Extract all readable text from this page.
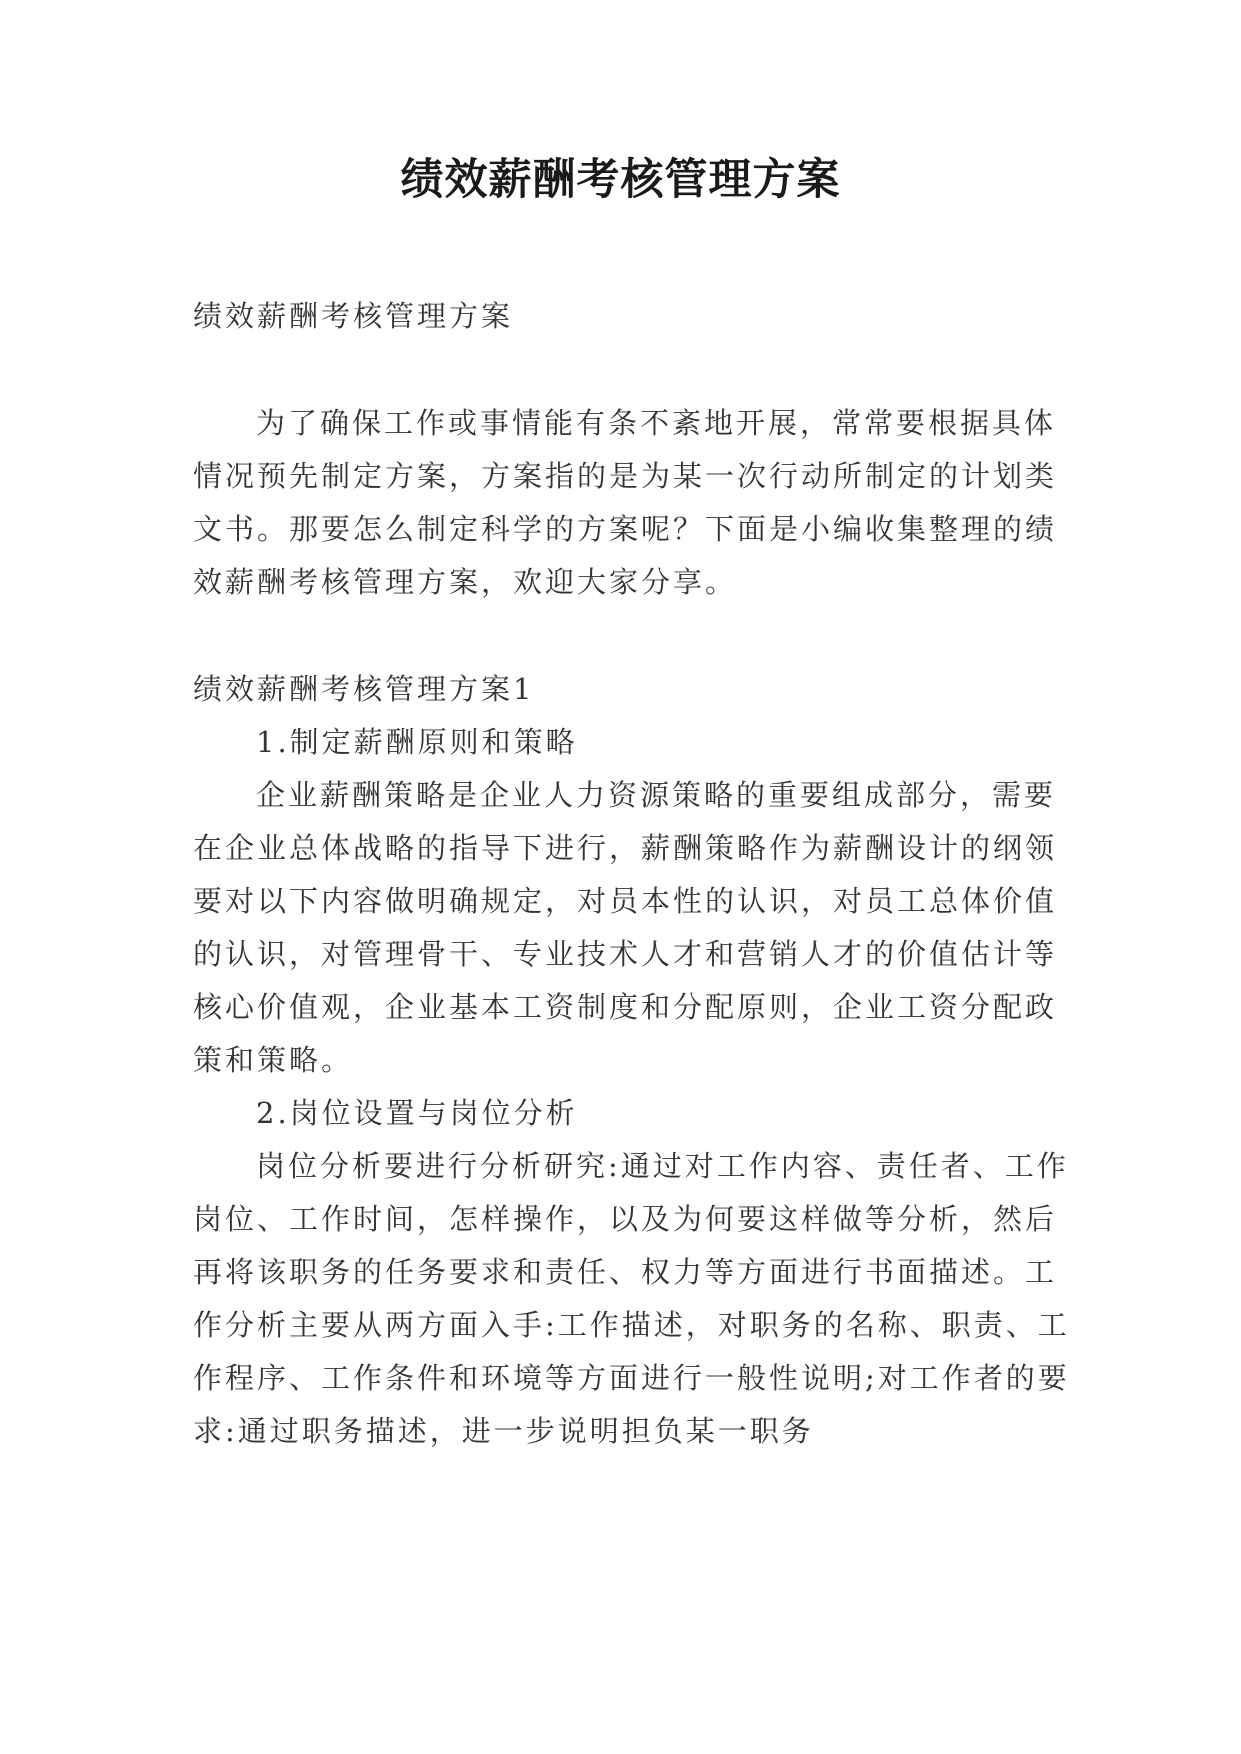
绩效薪酬考核管理方案

绩效薪酬考核管理方案

为了确保工作或事情能有条不紊地开展，常常要根据具体情况预先制定方案，方案指的是为某一次行动所制定的计划类文书。那要怎么制定科学的方案呢？下面是小编收集整理的绩效薪酬考核管理方案，欢迎大家分享。

绩效薪酬考核管理方案1

1.制定薪酬原则和策略

企业薪酬策略是企业人力资源策略的重要组成部分，需要在企业总体战略的指导下进行，薪酬策略作为薪酬设计的纲领要对以下内容做明确规定，对员本性的认识，对员工总体价值的认识，对管理骨干、专业技术人才和营销人才的价值估计等核心价值观，企业基本工资制度和分配原则，企业工资分配政策和策略。

2.岗位设置与岗位分析

岗位分析要进行分析研究:通过对工作内容、责任者、工作岗位、工作时间，怎样操作，以及为何要这样做等分析，然后再将该职务的任务要求和责任、权力等方面进行书面描述。工作分析主要从两方面入手:工作描述，对职务的名称、职责、工作程序、工作条件和环境等方面进行一般性说明;对工作者的要求:通过职务描述，进一步说明担负某一职务
